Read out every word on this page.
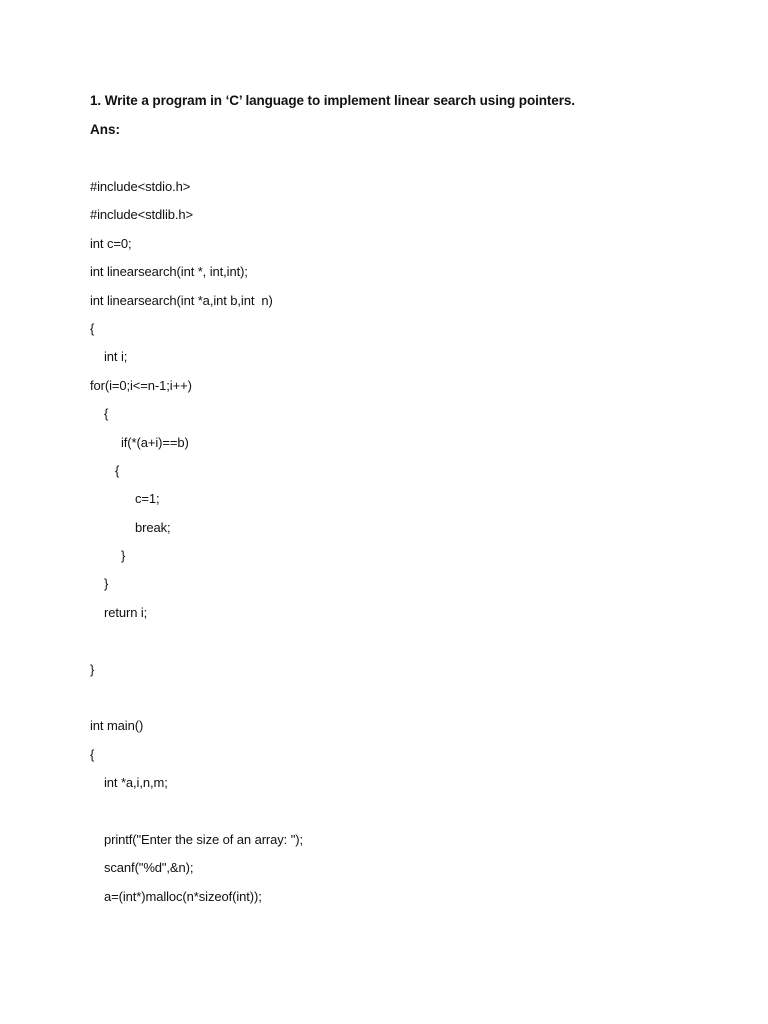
1. Write a program in ‘C’ language to implement linear search using pointers.
Ans:
#include<stdio.h>
#include<stdlib.h>
int c=0;
int linearsearch(int *, int,int);
int linearsearch(int *a,int b,int  n)
{
int i;
for(i=0;i<=n-1;i++)
{
if(*(a+i)==b)
{
c=1;
break;
}
}
return i;
}
int main()
{
int *a,i,n,m;
printf("Enter the size of an array: ");
scanf("%d",&n);
a=(int*)malloc(n*sizeof(int));
